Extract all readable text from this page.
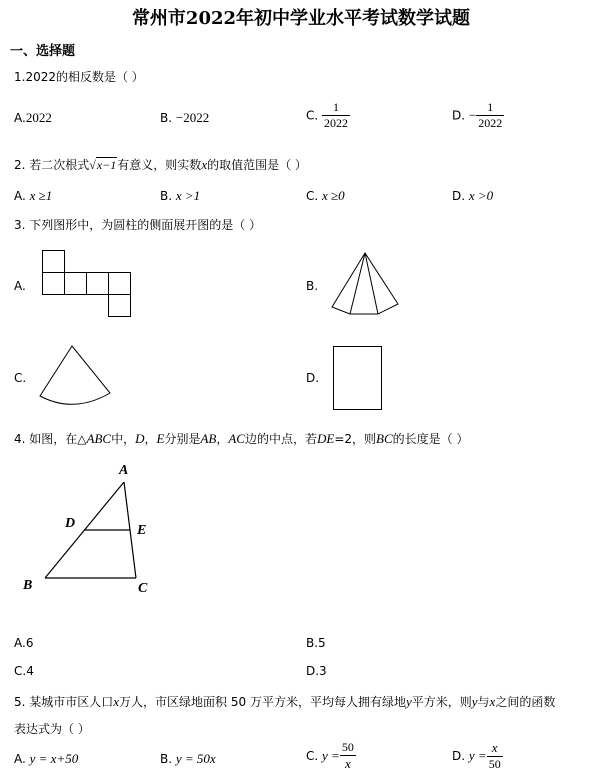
常州市2022年初中学业水平考试数学试题
一、选择题
1.2022的相反数是（ ）
A.2022	B. −2022	C. $\frac{1}{2022}$	D. − $\frac{1}{2022}$
2. 若二次根式√x−1有意义，则实数x的取值范围是（ ）
A. x ≥1	B. x >1	C. x ≥0	D. x >0
3. 下列图形中，为圆柱的侧面展开图的是（ ）
A.	B.
C.	D.
4. 如图，在△ABC中，D，E分别是AB，AC边的中点，若DE=2，则BC的长度是（ ）
A
D	E
B	C
A.6	B.5
C.4	D.3
5. 某城市市区人口x万人，市区绿地面积 50 万平方米，平均每人拥有绿地y平方米，则y与x之间的函数
表达式为（ ）
A. y = x+50	B. y = 50x	C. $y = \frac{50}{x}$	D. $y = \frac{x}{50}$
